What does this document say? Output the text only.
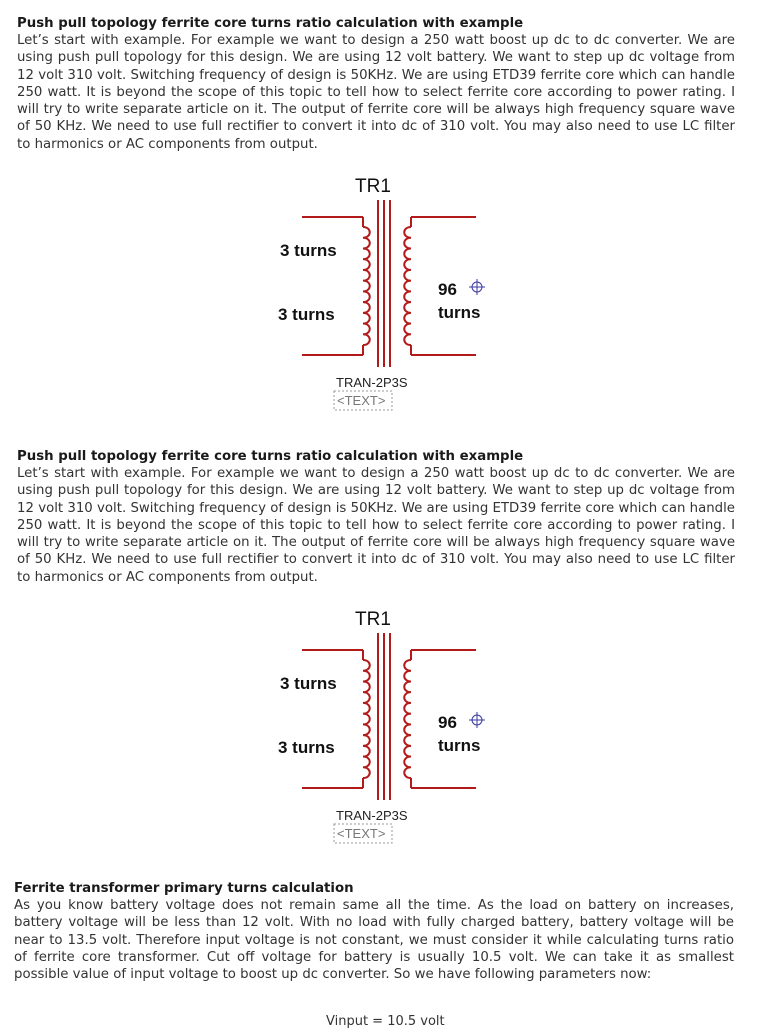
Push pull topology ferrite core turns ratio calculation with example

Let’s start with example. For example we want to design a 250 watt boost up dc to dc converter. We are using push pull topology for this design. We are using 12 volt battery. We want to step up dc voltage from 12 volt 310 volt. Switching frequency of design is 50KHz. We are using ETD39 ferrite core which can handle 250 watt. It is beyond the scope of this topic to tell how to select ferrite core according to power rating. I will try to write separate article on it. The output of ferrite core will be always high frequency square wave of 50 KHz. We need to use full rectifier to convert it into dc of 310 volt. You may also need to use LC filter to harmonics or AC components from output.

TR1
3 turns
3 turns
96
turns
TRAN-2P3S
<TEXT>

Push pull topology ferrite core turns ratio calculation with example

Let’s start with example. For example we want to design a 250 watt boost up dc to dc converter. We are using push pull topology for this design. We are using 12 volt battery. We want to step up dc voltage from 12 volt 310 volt. Switching frequency of design is 50KHz. We are using ETD39 ferrite core which can handle 250 watt. It is beyond the scope of this topic to tell how to select ferrite core according to power rating. I will try to write separate article on it. The output of ferrite core will be always high frequency square wave of 50 KHz. We need to use full rectifier to convert it into dc of 310 volt. You may also need to use LC filter to harmonics or AC components from output.

TR1
3 turns
3 turns
96
turns
TRAN-2P3S
<TEXT>

Ferrite transformer primary turns calculation

As you know battery voltage does not remain same all the time. As the load on battery on increases, battery voltage will be less than 12 volt. With no load with fully charged battery, battery voltage will be near to 13.5 volt. Therefore input voltage is not constant, we must consider it while calculating turns ratio of ferrite core transformer. Cut off voltage for battery is usually 10.5 volt. We can take it as smallest possible value of input voltage to boost up dc converter. So we have following parameters now:

Vinput = 10.5 volt
